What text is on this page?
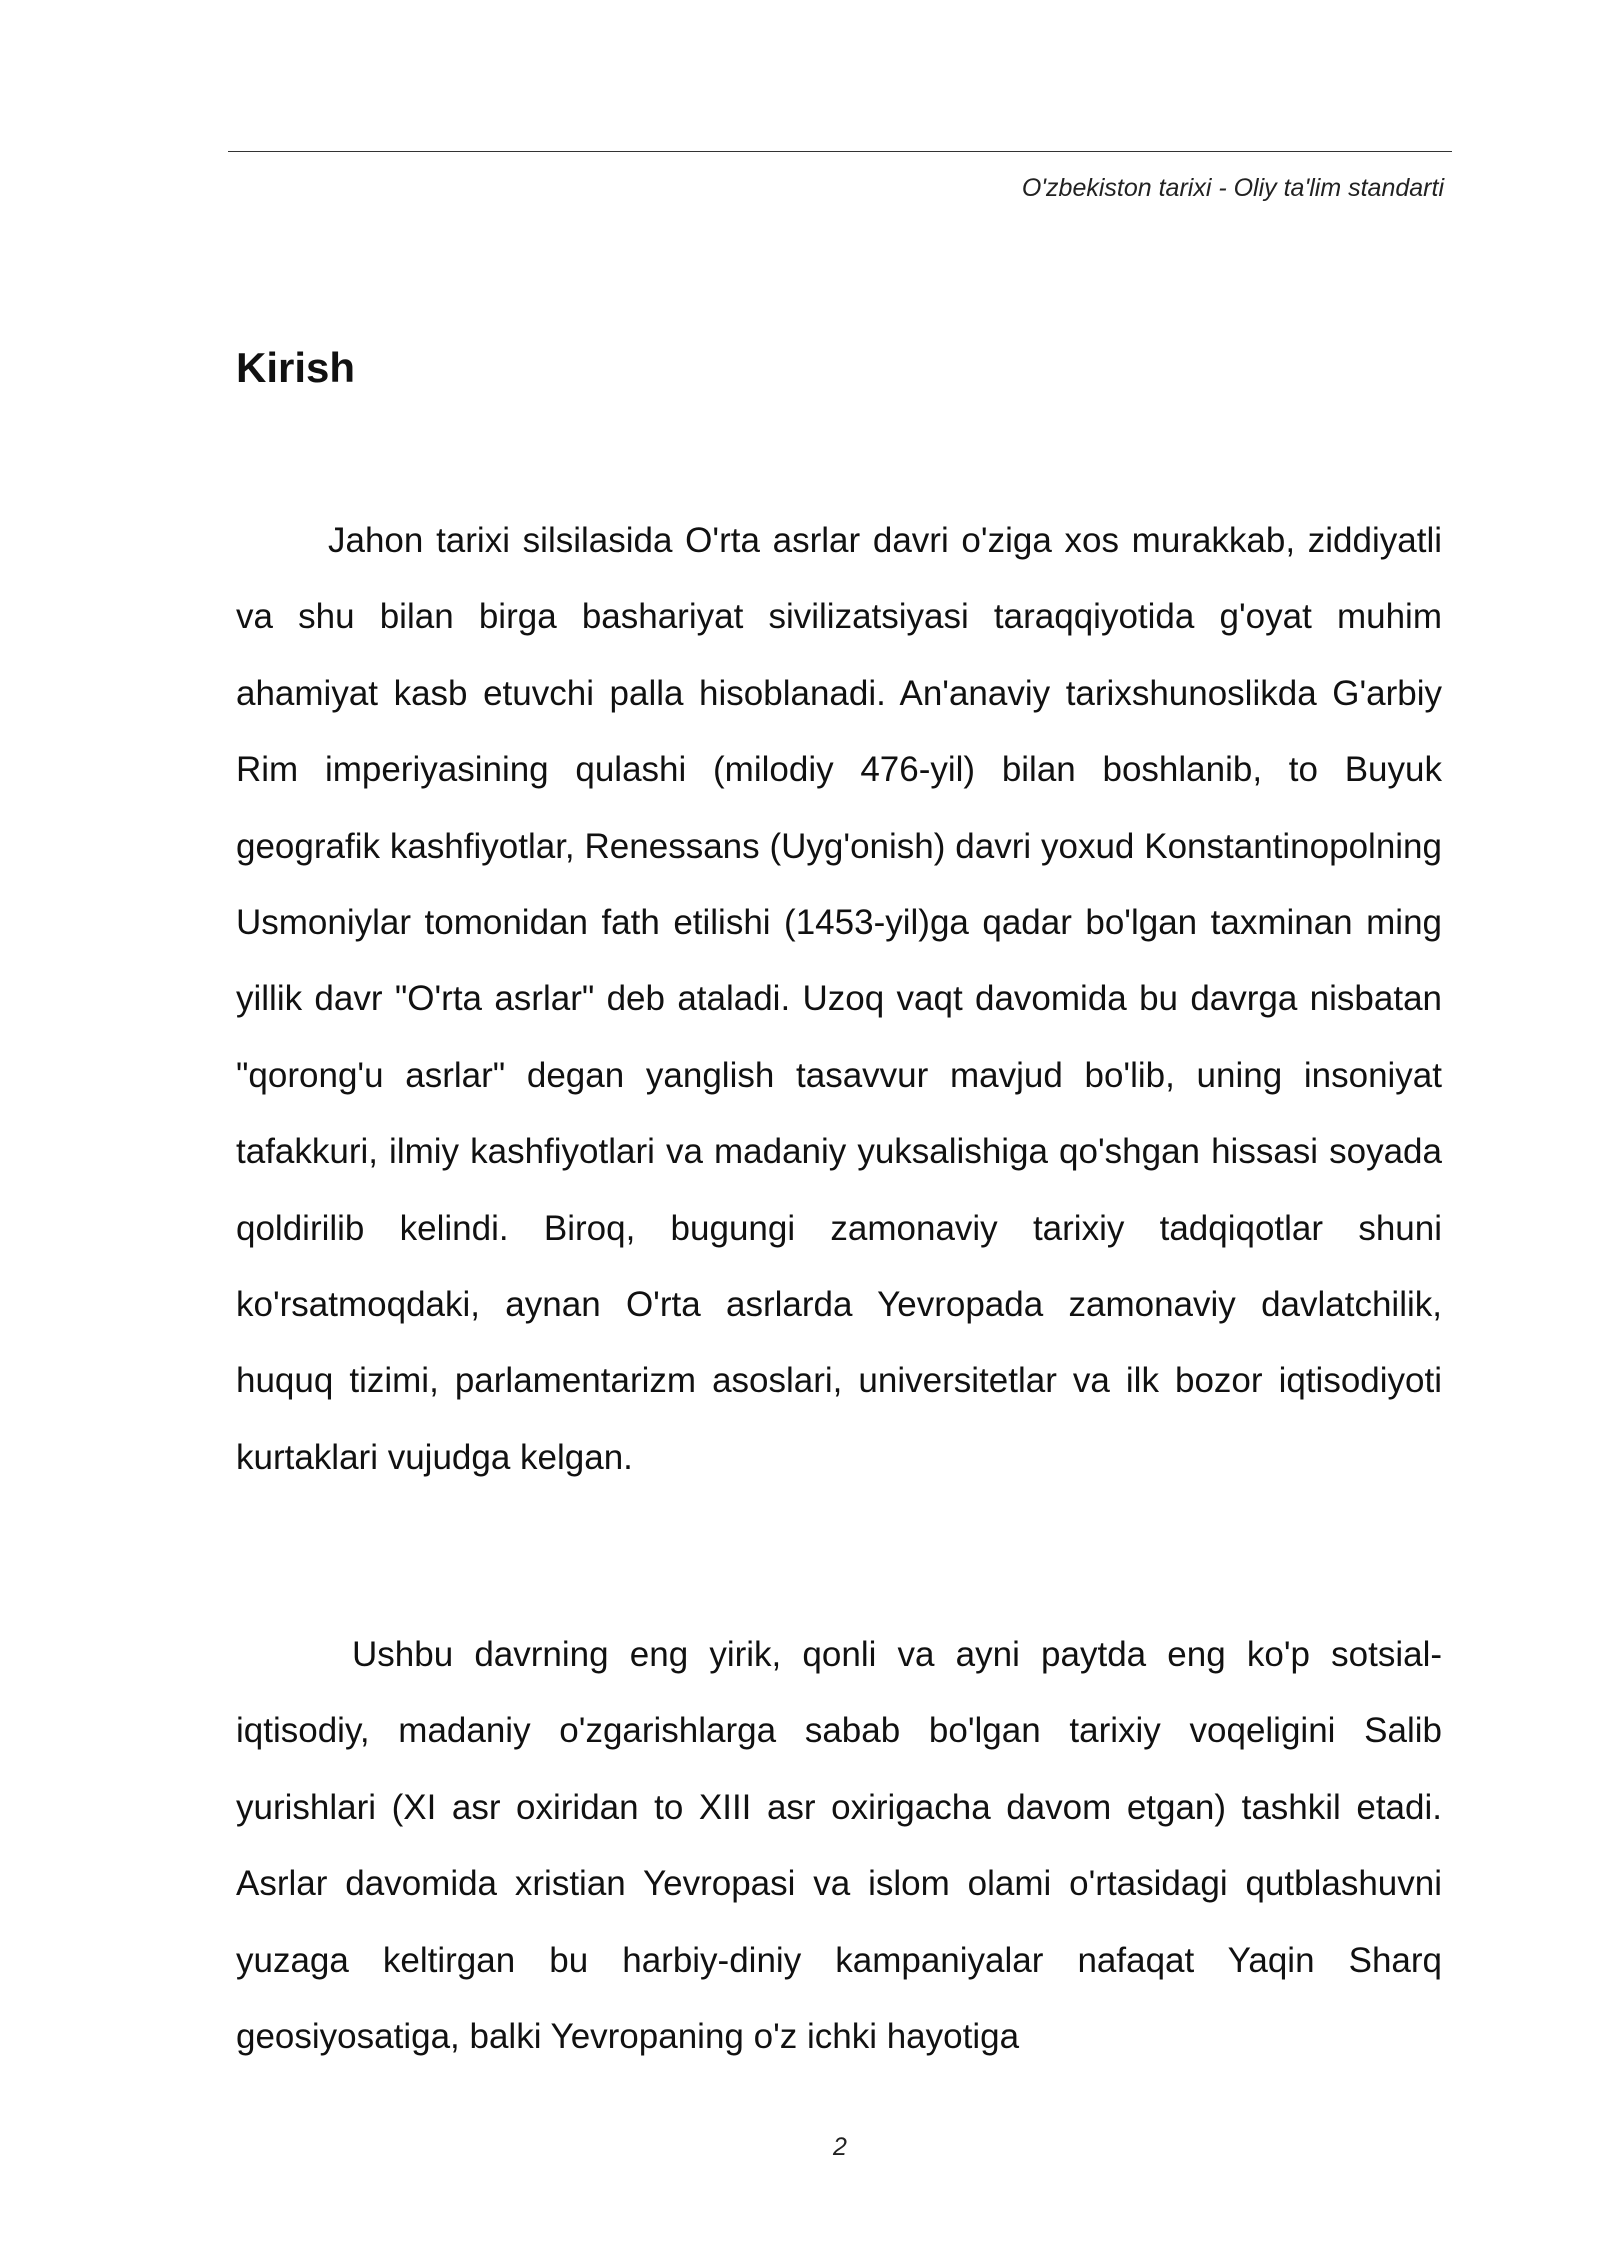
O'zbekiston tarixi - Oliy ta'lim standarti
Kirish

Jahon tarixi silsilasida O'rta asrlar davri o'ziga xos murakkab, ziddiyatli va shu bilan birga bashariyat sivilizatsiyasi taraqqiyotida g'oyat muhim ahamiyat kasb etuvchi palla hisoblanadi. An'anaviy tarixshunoslikda G'arbiy Rim imperiyasining qulashi (milodiy 476-yil) bilan boshlanib, to Buyuk geografik kashfiyotlar, Renessans (Uyg'onish) davri yoxud Konstantinopolning Usmoniylar tomonidan fath etilishi (1453-yil)ga qadar bo'lgan taxminan ming yillik davr "O'rta asrlar" deb ataladi. Uzoq vaqt davomida bu davrga nisbatan "qorong'u asrlar" degan yanglish tasavvur mavjud bo'lib, uning insoniyat tafakkuri, ilmiy kashfiyotlari va madaniy yuksalishiga qo'shgan hissasi soyada qoldirilib kelindi. Biroq, bugungi zamonaviy tarixiy tadqiqotlar shuni ko'rsatmoqdaki, aynan O'rta asrlarda Yevropada zamonaviy davlatchilik, huquq tizimi, parlamentarizm asoslari, universitetlar va ilk bozor iqtisodiyoti kurtaklari vujudga kelgan.

Ushbu davrning eng yirik, qonli va ayni paytda eng ko'p sotsial-iqtisodiy, madaniy o'zgarishlarga sabab bo'lgan tarixiy voqeligini Salib yurishlari (XI asr oxiridan to XIII asr oxirigacha davom etgan) tashkil etadi. Asrlar davomida xristian Yevropasi va islom olami o'rtasidagi qutblashuvni yuzaga keltirgan bu harbiy-diniy kampaniyalar nafaqat Yaqin Sharq geosiyosatiga, balki Yevropaning o'z ichki hayotiga

2
